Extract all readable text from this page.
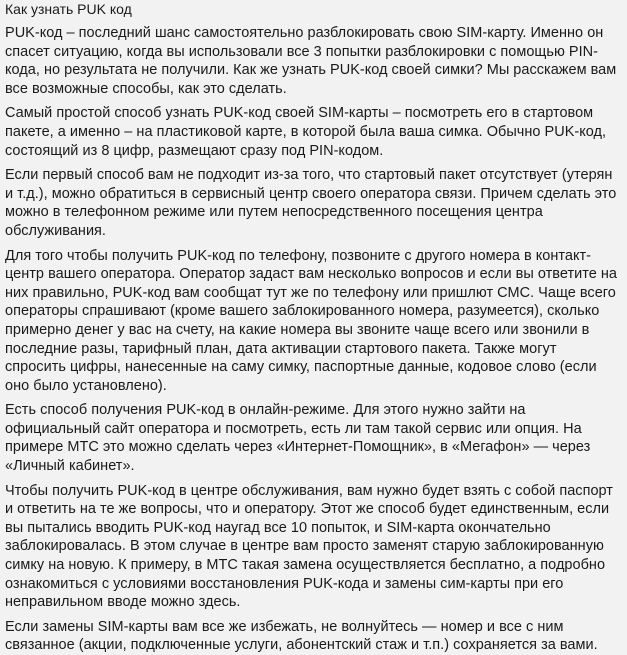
Как узнать PUK код

PUK-код – последний шанс самостоятельно разблокировать свою SIM-карту. Именно он спасет ситуацию, когда вы использовали все 3 попытки разблокировки с помощью PIN-кода, но результата не получили. Как же узнать PUK-код своей симки? Мы расскажем вам все возможные способы, как это сделать.

Самый простой способ узнать PUK-код своей SIM-карты – посмотреть его в стартовом пакете, а именно – на пластиковой карте, в которой была ваша симка. Обычно PUK-код, состоящий из 8 цифр, размещают сразу под PIN-кодом.

Если первый способ вам не подходит из-за того, что стартовый пакет отсутствует (утерян и т.д.), можно обратиться в сервисный центр своего оператора связи. Причем сделать это можно в телефонном режиме или путем непосредственного посещения центра обслуживания.

Для того чтобы получить PUK-код по телефону, позвоните с другого номера в контакт-центр вашего оператора. Оператор задаст вам несколько вопросов и если вы ответите на них правильно, PUK-код вам сообщат тут же по телефону или пришлют СМС. Чаще всего операторы спрашивают (кроме вашего заблокированного номера, разумеется), сколько примерно денег у вас на счету, на какие номера вы звоните чаще всего или звонили в последние разы, тарифный план, дата активации стартового пакета. Также могут спросить цифры, нанесенные на саму симку, паспортные данные, кодовое слово (если оно было установлено).

Есть способ получения PUK-код в онлайн-режиме. Для этого нужно зайти на официальный сайт оператора и посмотреть, есть ли там такой сервис или опция. На примере МТС это можно сделать через «Интернет-Помощник», в «Мегафон» — через «Личный кабинет».

Чтобы получить PUK-код в центре обслуживания, вам нужно будет взять с собой паспорт и ответить на те же вопросы, что и оператору. Этот же способ будет единственным, если вы пытались вводить PUK-код наугад все 10 попыток, и SIM-карта окончательно заблокировалась. В этом случае в центре вам просто заменят старую заблокированную симку на новую. К примеру, в МТС такая замена осуществляется бесплатно, а подробно ознакомиться с условиями восстановления PUK-кода и замены сим-карты при его неправильном вводе можно здесь.

Если замены SIM-карты вам все же избежать, не волнуйтесь — номер и все с ним связанное (акции, подключенные услуги, абонентский стаж и т.п.) сохраняется за вами.
